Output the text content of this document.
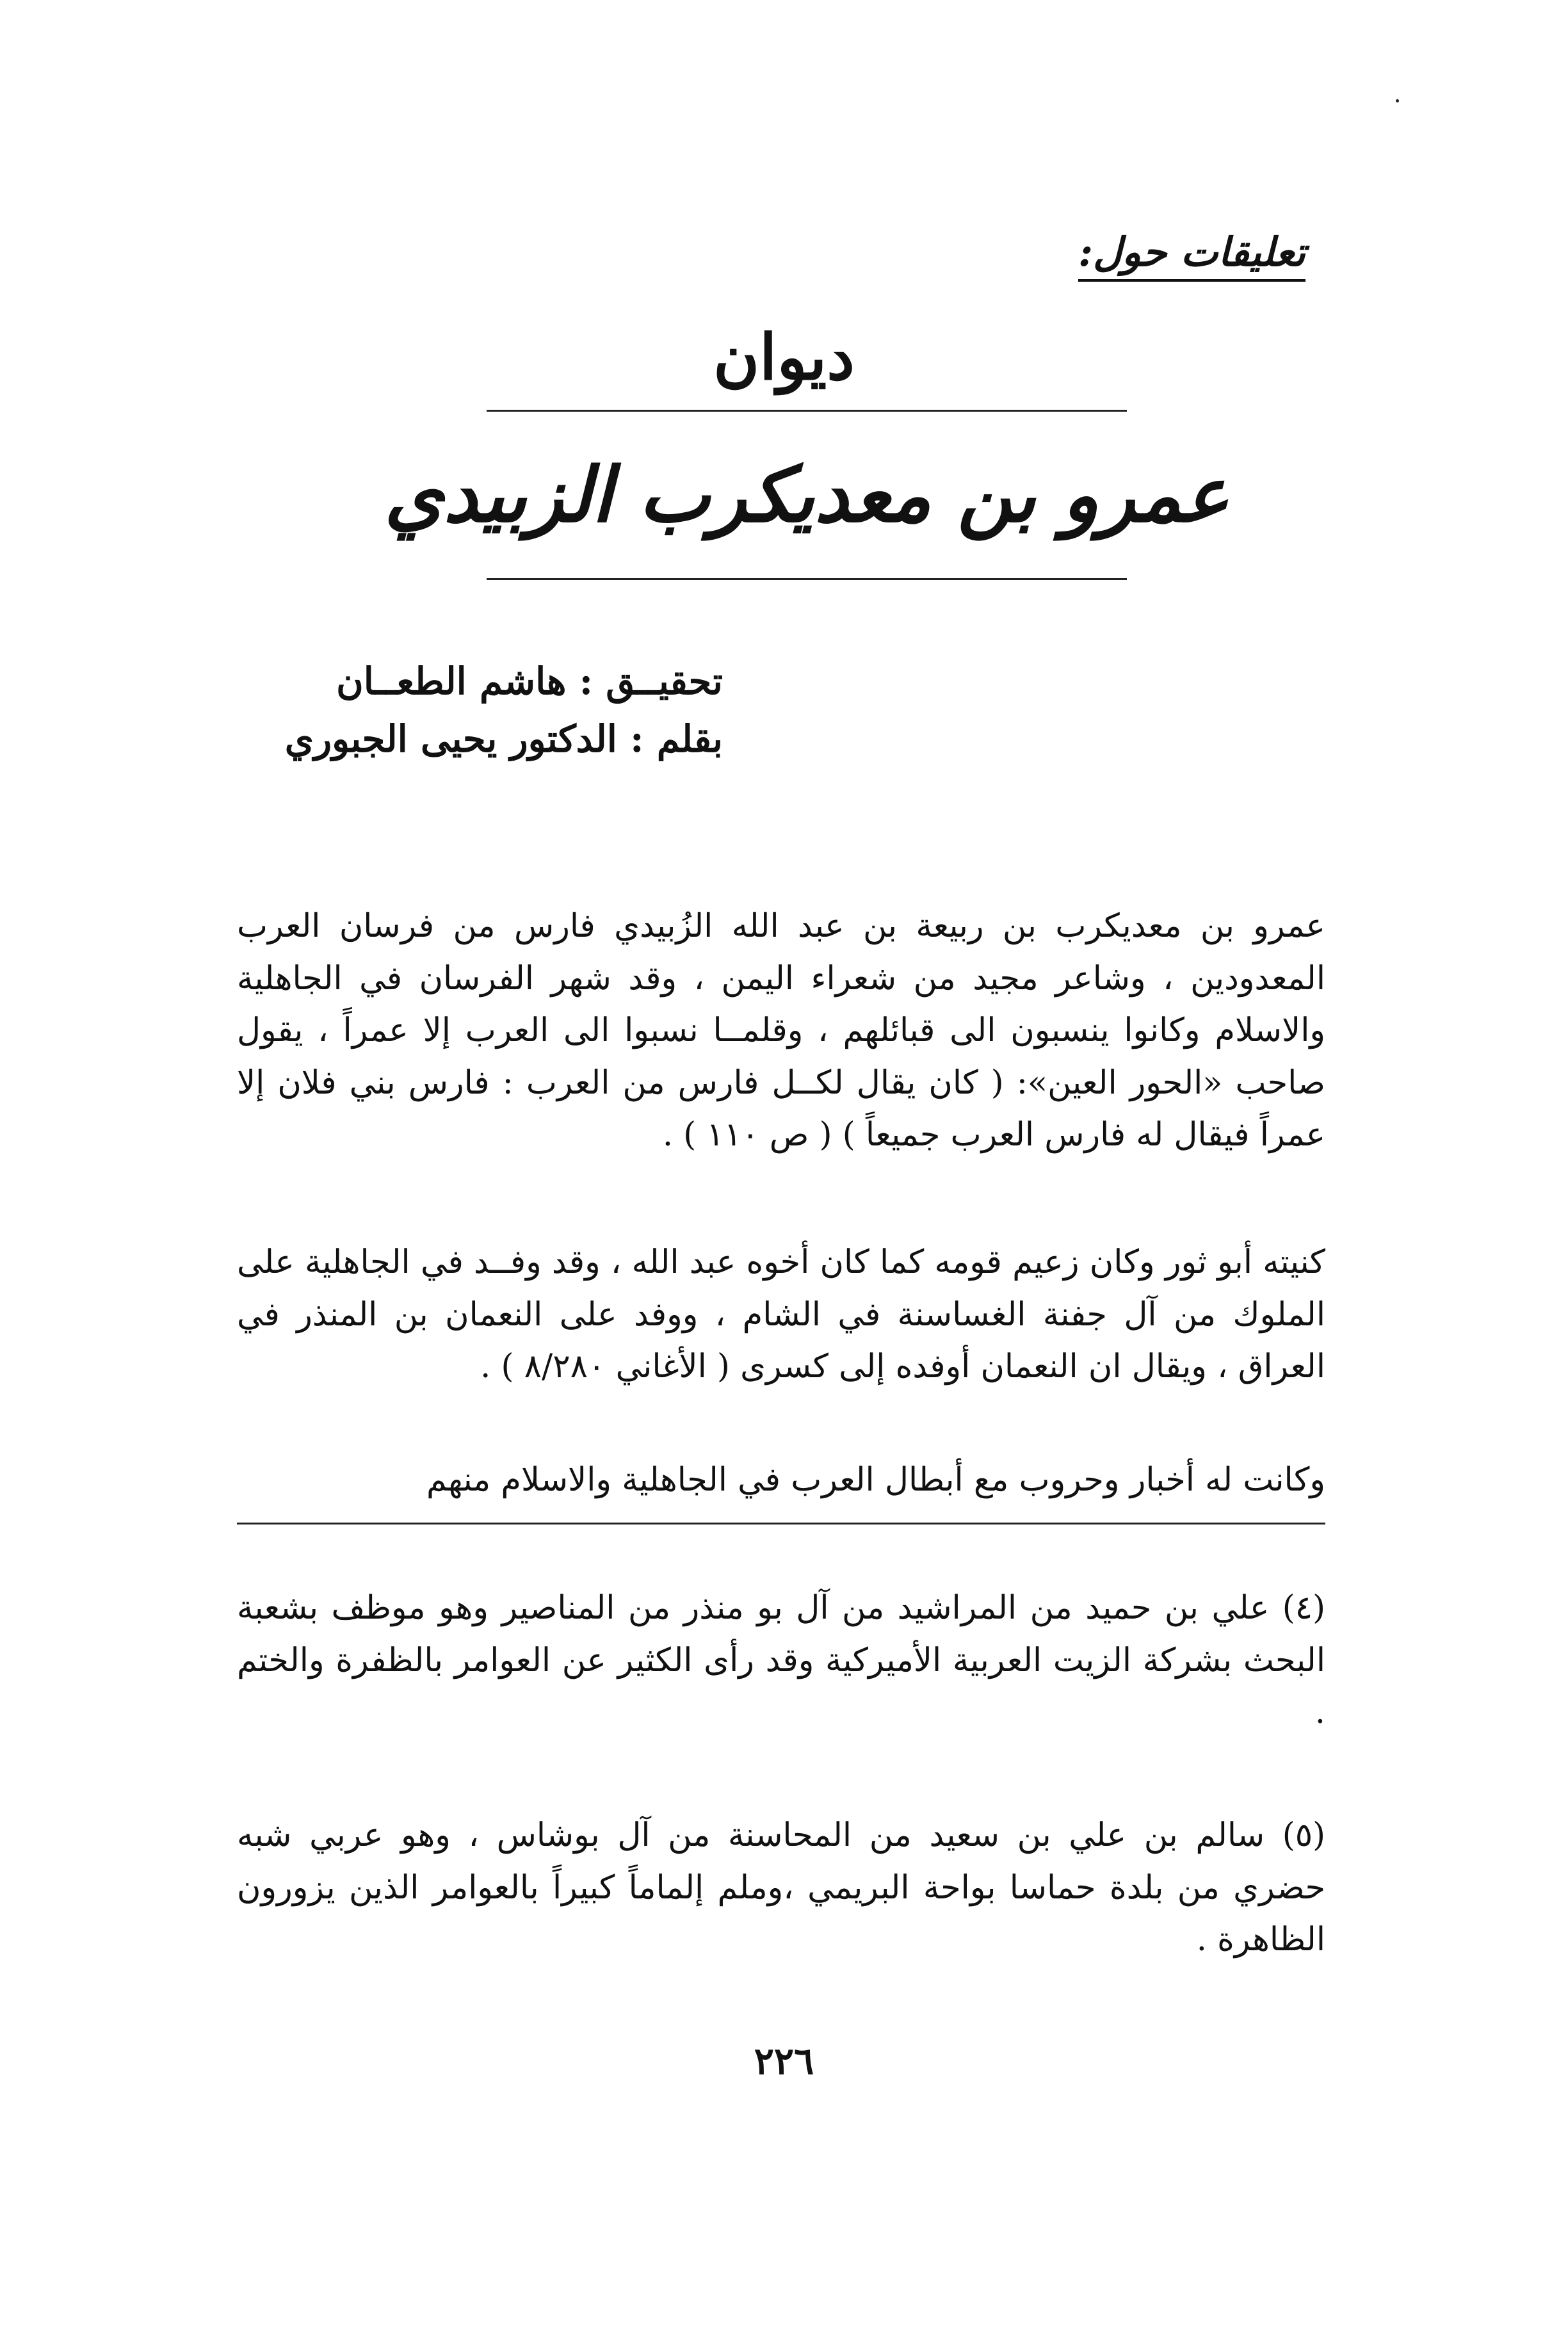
تعليقات حول:
ديوان
عمرو بن معديكرب الزبيدي
تحقيــق : هاشم الطعــان
بقلم : الدكتور يحيى الجبوري

عمرو بن معديكرب بن ربيعة بن عبد الله الزُبيدي فارس من فرسان العرب المعدودين ، وشاعر مجيد من شعراء اليمن ، وقد شهر الفرسان في الجاهلية والاسلام وكانوا ينسبون الى قبائلهم ، وقلمــا نسبوا الى العرب إلا عمراً ، يقول صاحب «الحور العين»: ( كان يقال لكــل فارس من العرب : فارس بني فلان إلا عمراً فيقال له فارس العرب جميعاً ) ( ص ١١٠ ) .

كنيته أبو ثور وكان زعيم قومه كما كان أخوه عبد الله ، وقد وفــد في الجاهلية على الملوك من آل جفنة الغساسنة في الشام ، ووفد على النعمان بن المنذر في العراق ، ويقال ان النعمان أوفده إلى كسرى ( الأغاني ٨/٢٨٠ ) .

وكانت له أخبار وحروب مع أبطال العرب في الجاهلية والاسلام منهم

(٤) علي بن حميد من المراشيد من آل بو منذر من المناصير وهو موظف بشعبة البحث بشركة الزيت العربية الأميركية وقد رأى الكثير عن العوامر بالظفرة والختم .

(٥) سالم بن علي بن سعيد من المحاسنة من آل بوشاس ، وهو عربي شبه حضري من بلدة حماسا بواحة البريمي ،وملم إلماماً كبيراً بالعوامر الذين يزورون الظاهرة .

٢٢٦
